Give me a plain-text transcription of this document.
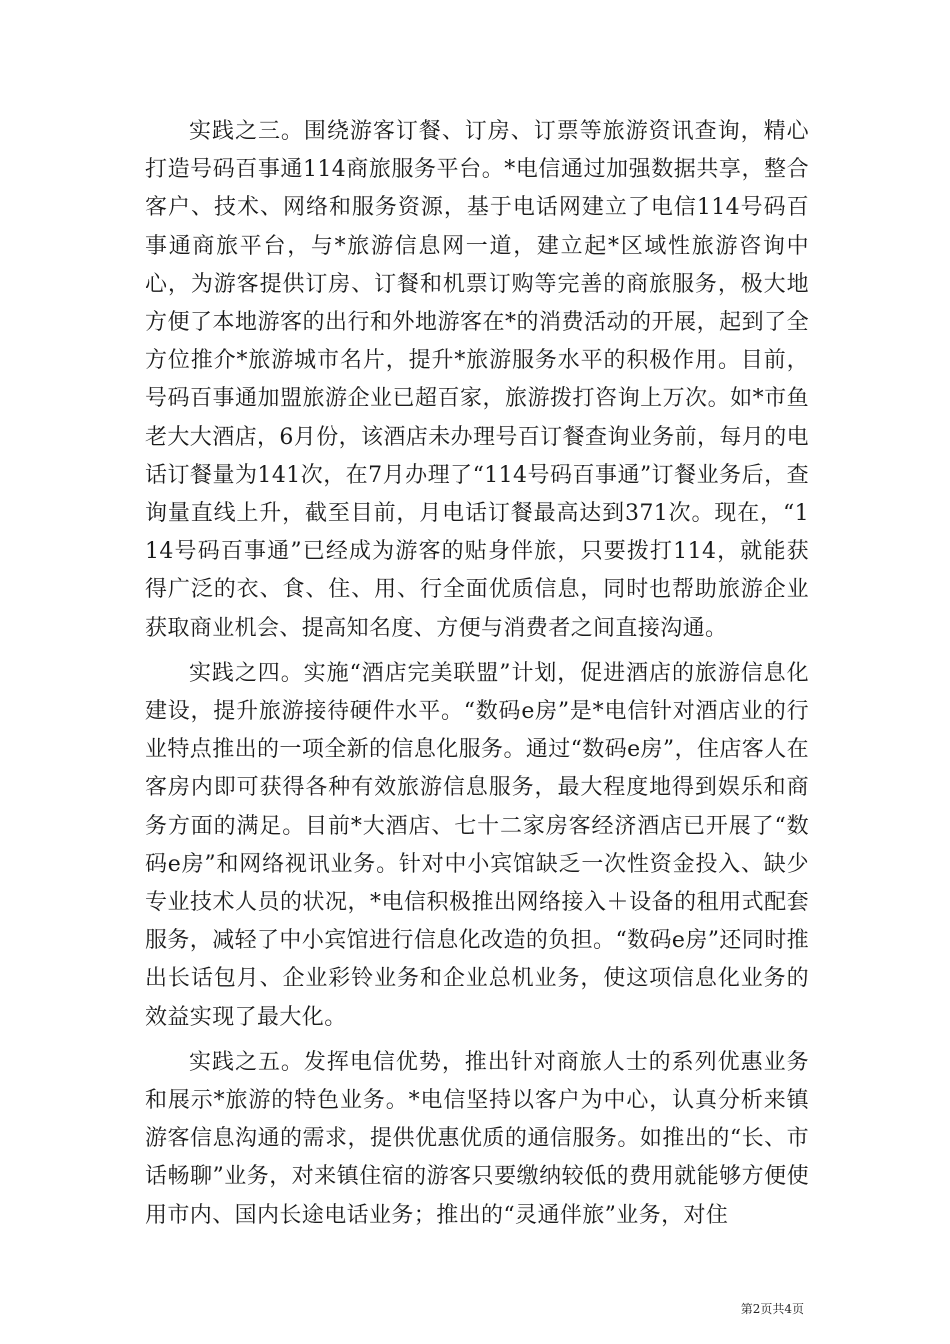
实践之三。围绕游客订餐、订房、订票等旅游资讯查询，精心打造号码百事通114商旅服务平台。*电信通过加强数据共享，整合客户、技术、网络和服务资源，基于电话网建立了电信114号码百事通商旅平台，与*旅游信息网一道，建立起*区域性旅游咨询中心，为游客提供订房、订餐和机票订购等完善的商旅服务，极大地方便了本地游客的出行和外地游客在*的消费活动的开展，起到了全方位推介*旅游城市名片，提升*旅游服务水平的积极作用。目前，号码百事通加盟旅游企业已超百家，旅游拨打咨询上万次。如*市鱼老大大酒店，6月份，该酒店未办理号百订餐查询业务前，每月的电话订餐量为141次，在7月办理了“114号码百事通”订餐业务后，查询量直线上升，截至目前，月电话订餐最高达到371次。现在，“114号码百事通”已经成为游客的贴身伴旅，只要拨打114，就能获得广泛的衣、食、住、用、行全面优质信息，同时也帮助旅游企业获取商业机会、提高知名度、方便与消费者之间直接沟通。

实践之四。实施“酒店完美联盟”计划，促进酒店的旅游信息化建设，提升旅游接待硬件水平。“数码e房”是*电信针对酒店业的行业特点推出的一项全新的信息化服务。通过“数码e房”，住店客人在客房内即可获得各种有效旅游信息服务，最大程度地得到娱乐和商务方面的满足。目前*大酒店、七十二家房客经济酒店已开展了“数码e房”和网络视讯业务。针对中小宾馆缺乏一次性资金投入、缺少专业技术人员的状况，*电信积极推出网络接入＋设备的租用式配套服务，减轻了中小宾馆进行信息化改造的负担。“数码e房”还同时推出长话包月、企业彩铃业务和企业总机业务，使这项信息化业务的效益实现了最大化。

实践之五。发挥电信优势，推出针对商旅人士的系列优惠业务和展示*旅游的特色业务。*电信坚持以客户为中心，认真分析来镇游客信息沟通的需求，提供优惠优质的通信服务。如推出的“长、市话畅聊”业务，对来镇住宿的游客只要缴纳较低的费用就能够方便使用市内、国内长途电话业务；推出的“灵通伴旅”业务，对住

第2页共4页
